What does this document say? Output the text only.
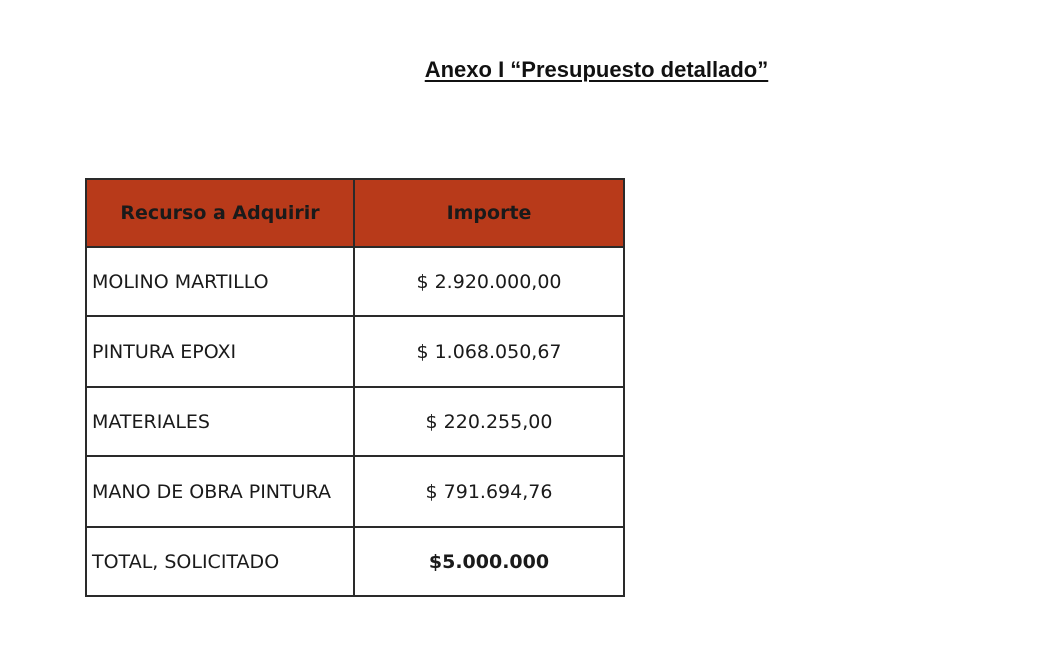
Anexo I “Presupuesto detallado”
Recurso a Adquirir	Importe
MOLINO MARTILLO	$ 2.920.000,00
PINTURA EPOXI	$ 1.068.050,67
MATERIALES	$ 220.255,00
MANO DE OBRA PINTURA	$ 791.694,76
TOTAL, SOLICITADO	$5.000.000
